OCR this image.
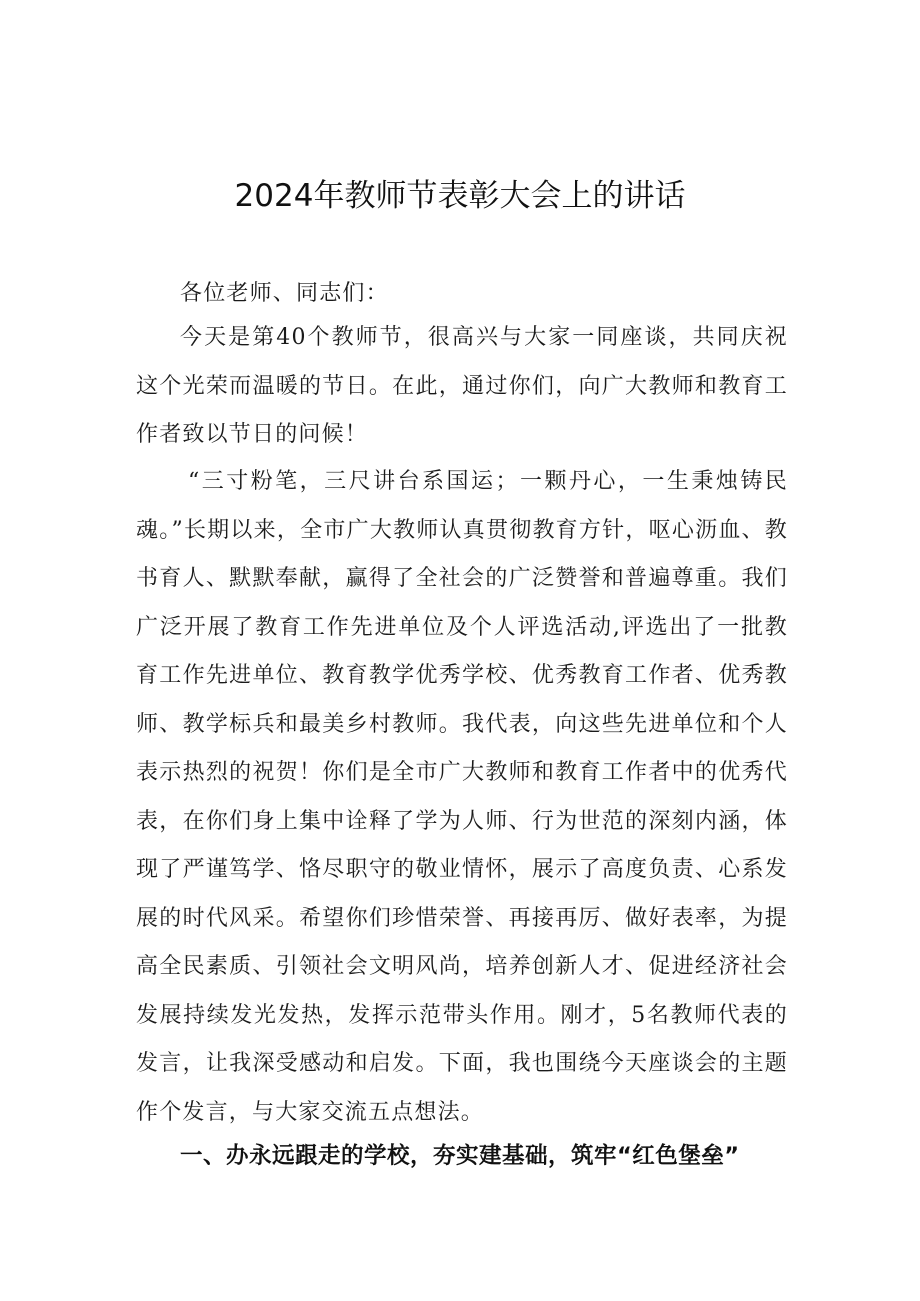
2024年教师节表彰大会上的讲话

各位老师、同志们：

今天是第40个教师节，很高兴与大家一同座谈，共同庆祝这个光荣而温暖的节日。在此，通过你们，向广大教师和教育工作者致以节日的问候！

“三寸粉笔，三尺讲台系国运；一颗丹心，一生秉烛铸民魂。”长期以来，全市广大教师认真贯彻教育方针，呕心沥血、教书育人、默默奉献，赢得了全社会的广泛赞誉和普遍尊重。我们广泛开展了教育工作先进单位及个人评选活动,评选出了一批教育工作先进单位、教育教学优秀学校、优秀教育工作者、优秀教师、教学标兵和最美乡村教师。我代表，向这些先进单位和个人表示热烈的祝贺！你们是全市广大教师和教育工作者中的优秀代表，在你们身上集中诠释了学为人师、行为世范的深刻内涵，体现了严谨笃学、恪尽职守的敬业情怀，展示了高度负责、心系发展的时代风采。希望你们珍惜荣誉、再接再厉、做好表率，为提高全民素质、引领社会文明风尚，培养创新人才、促进经济社会发展持续发光发热，发挥示范带头作用。刚才，5名教师代表的发言，让我深受感动和启发。下面，我也围绕今天座谈会的主题作个发言，与大家交流五点想法。

一、办永远跟走的学校，夯实建基础，筑牢“红色堡垒”
